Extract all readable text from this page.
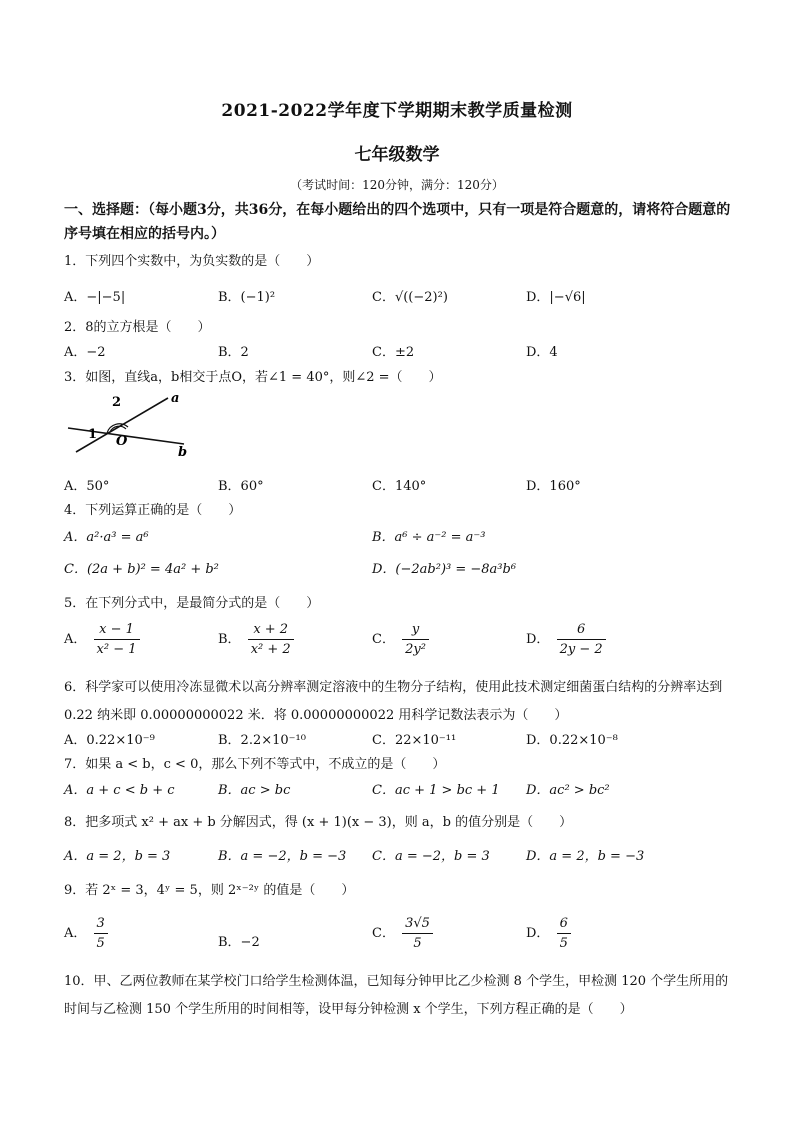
2021-2022学年度下学期期末教学质量检测
七年级数学
（考试时间：120分钟，满分：120分）
一、选择题：（每小题3分，共36分，在每小题给出的四个选项中，只有一项是符合题意的，请将符合题意的序号填在相应的括号内。）
1．下列四个实数中，为负实数的是（　　）
A．−|−5|	B．(−1)²	C．√((−2)²)	D．|−√6|
2．8的立方根是（　　）
A．−2	B．2	C．±2	D．4
3．如图，直线a，b相交于点O，若∠1 = 40°，则∠2 =（　　）
2
1 O
a
b
A．50°	B．60°	C．140°	D．160°
4．下列运算正确的是（　　）
A．a²·a³ = a⁶	B．a⁶ ÷ a⁻² = a⁻³
C．(2a + b)² = 4a² + b²	D．(−2ab²)³ = −8a³b⁶
5．在下列分式中，是最简分式的是（　　）
A． $\frac{x - 1}{\text{x² − 1}}$	B． $\frac{x + 2}{\text{x² + 2}}$	C． $\frac{y}{\text{2y²}}$	D． $\frac{6}{2y - 2}$
6．科学家可以使用冷冻显微术以高分辨率测定溶液中的生物分子结构，使用此技术测定细菌蛋白结构的分辨率达到 0.22 纳米即 0.00000000022 米．将 0.00000000022 用科学记数法表示为（　　）
A．0.22×10⁻⁹	B．2.2×10⁻¹⁰	C．22×10⁻¹¹	D．0.22×10⁻⁸
7．如果 a < b，c < 0，那么下列不等式中，不成立的是（　　）
A．a + c < b + c	B．ac > bc	C．ac + 1 > bc + 1 D．ac² > bc²
8．把多项式 x² + ax + b 分解因式，得 (x + 1)(x − 3)，则 a，b 的值分别是（　　）
A．a = 2，b = 3	B．a = −2，b = −3 C．a = −2，b = 3	D．a = 2，b = −3
9．若 2ˣ = 3，4ʸ = 5，则 2ˣ⁻²ʸ 的值是（　　）
A． $\frac{3}{5}$	B．−2
C． $\frac{3√5}{5}$	D． $\frac{6}{5}$
10．甲、乙两位教师在某学校门口给学生检测体温，已知每分钟甲比乙少检测 8 个学生，甲检测 120 个学生所用的时间与乙检测 150 个学生所用的时间相等，设甲每分钟检测 x 个学生，下列方程正确的是（　　）
